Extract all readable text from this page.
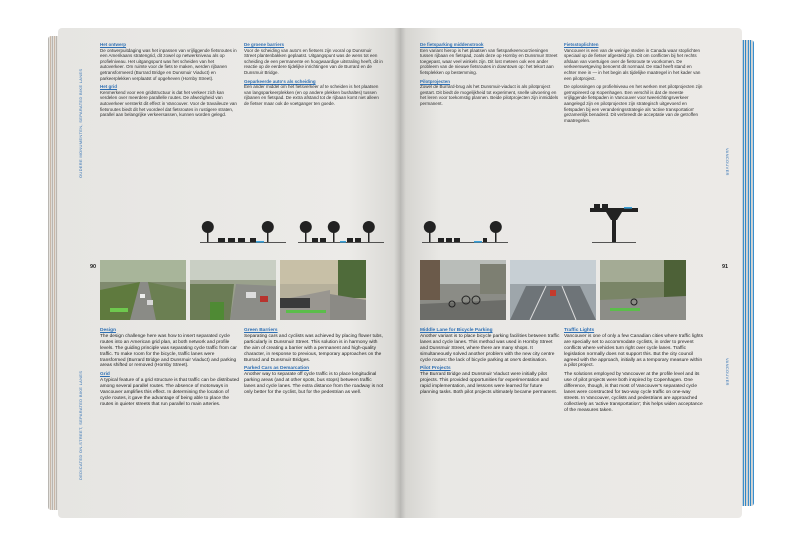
OUDERE MONUMENTEN, SEPARATED BIKE LANES
DEDICATED ON-STREET, SEPARATED BIKE LANES
90
Het ontwerp
De ontwerpuitdaging was het inpassen van vrijliggende fietsroutes in een Amerikaans stratengrid, dit zowel op netwerkniveau als op profielniveau. Het uitgangspunt was het scheiden van het autoverkeer. Om ruimte voor de fiets te maken, werden rijbanen getransformeerd (Burrard Bridge en Dunsmuir Viaduct) en parkeerplekken verplaatst of opgeheven (Hornby Street).
Het grid
Kenmerkend voor een gridstructuur is dat het verkeer zich kan verdelen over meerdere parallelle routes. De afwezigheid van autoverkeer versterkt dit effect in Vancouver. Voor de travaileuze van fietsroutes biedt dit het voordeel dat fietsroutes in rustigere straten, parallel aan belangrijke verkeersassen, kunnen worden gelegd.
De groene barriers
Voor de scheiding van auto's en fietsers zijn vooral op Dunsmuir Street plantenbakken geplaatst. Uitgangspunt was de wens tot een scheiding de een permanente en hoogwaardige uitstraling heeft, dit in reactie op de eerdere tijdelijke inrichtingen van de Burrard en de Dunsmuir Bridge.
Geparkeerde auto's als scheiding
Een ander middel om het fietsverkeer af te scheiden is het plaatsen van langsparkeerplekken (en op andere plekken bushaltes) tussen rijbanen en fietspad. De extra afstand tot de rijbaan komt niet alleen de fietser maar ook de voetganger ten goede.
Design
The design challenge here was how to insert separated cycle routes into an American grid plan, at both network and profile levels. The guiding principle was separating cycle traffic from car traffic. To make room for the bicycle, traffic lanes were transformed (Burrard Bridge and Dunsmuir Viaduct) and parking areas shifted or removed (Hornby Street).
Grid
A typical feature of a grid structure is that traffic can be distributed among several parallel routes. The absence of motorways in Vancouver amplifies this effect. In determining the location of cycle routes, it gave the advantage of being able to place the routes in quieter streets that run parallel to main arteries.
Green Barriers
Separating cars and cyclists was achieved by placing flower tubs, particularly in Dunsmuir Street. This solution is in harmony with the aim of creating a barrier with a permanent and high-quality character, in response to previous, temporary approaches on the Burrard and Dunsmuir Bridges.
Parked Cars as Demarcation
Another way to separate off cycle traffic is to place longitudinal parking areas (and at other spots, bus stops) between traffic lanes and cycle lanes. The extra distance from the roadway is not only better for the cyclist, but for the pedestrian as well.
VANCOUVER
VANCOUVER
91
De fietsparking middenstrook
Een variant hierop is het plaatsen van fietsparkeervoorzieningen tussen rijbaan en fietspad, zoals deze op Hornby en Dunsmuir Street toegepast, waar veel winkels zijn. Dit lost meteen ook een ander probleem van de nieuwe fietsroutes in downtown op: het tekort aan fietsplekken op bestemming.
Pilotprojecten
Zowel de Burrard-brug als het Dunsmuir-viaduct is als pilotproject gestart. Dit biedt de mogelijkheid tot experiment, snelle uitvoering en het leren voor toekomstig plannen. Beide pilotprojecten zijn inmiddels permanent.
Fietsstoplichten
Vancouver is een van de weinige steden in Canada waar stoplichten speciaal op de fietser afgesteld zijn. Dit om conflicten bij het rechts afslaan van voertuigen over de fietsroute te voorkomen. De verkeerswetgeving benoemt dit normaal. De stad heeft stand en echter mee in — in het begin als tijdelijke maatregel in het kader van een pilotproject.
De oplossingen op profielniveau en het werken met pilotprojecten zijn geïnspireerd op Kopenhagen. Een verschil is dat de meeste vrijliggende fietspaden in Vancouver voor tweerichtingsverkeer aangelegd zijn en pilotprojecten zijn strategisch uitgevoerd en fietspaden bij een veranderingsstrategie als 'active transportation' gezamenlijk benaderd. Dit verbreedt de acceptatie van de getroffen maatregelen.
Middle Lane for Bicycle Parking
Another variant is to place bicycle parking facilities between traffic lanes and cycle lanes. This method was used in Hornby Street and Dunsmuir Street, where there are many shops. It simultaneously solved another problem with the new city centre cycle routes: the lack of bicycle parking at one's destination.
Pilot Projects
The Burrard Bridge and Dunsmuir Viaduct were initially pilot projects. This provided opportunities for experimentation and rapid implementation, and lessons were learned for future planning tasks. Both pilot projects ultimately became permanent.
Traffic Lights
Vancouver is one of only a few Canadian cities where traffic lights are specially set to accommodate cyclists, in order to prevent conflicts where vehicles turn right over cycle lanes. Traffic legislation normally does not support this. But the city council agreed with the approach, initially as a temporary measure within a pilot project.
The solutions employed by Vancouver at the profile level and its use of pilot projects were both inspired by Copenhagen. One difference, though, is that most of Vancouver's separated cycle lanes were constructed for two-way cycle traffic on one-way streets. In Vancouver, cyclists and pedestrians are approached collectively as 'active transportation'; this helps widen acceptance of the measures taken.
